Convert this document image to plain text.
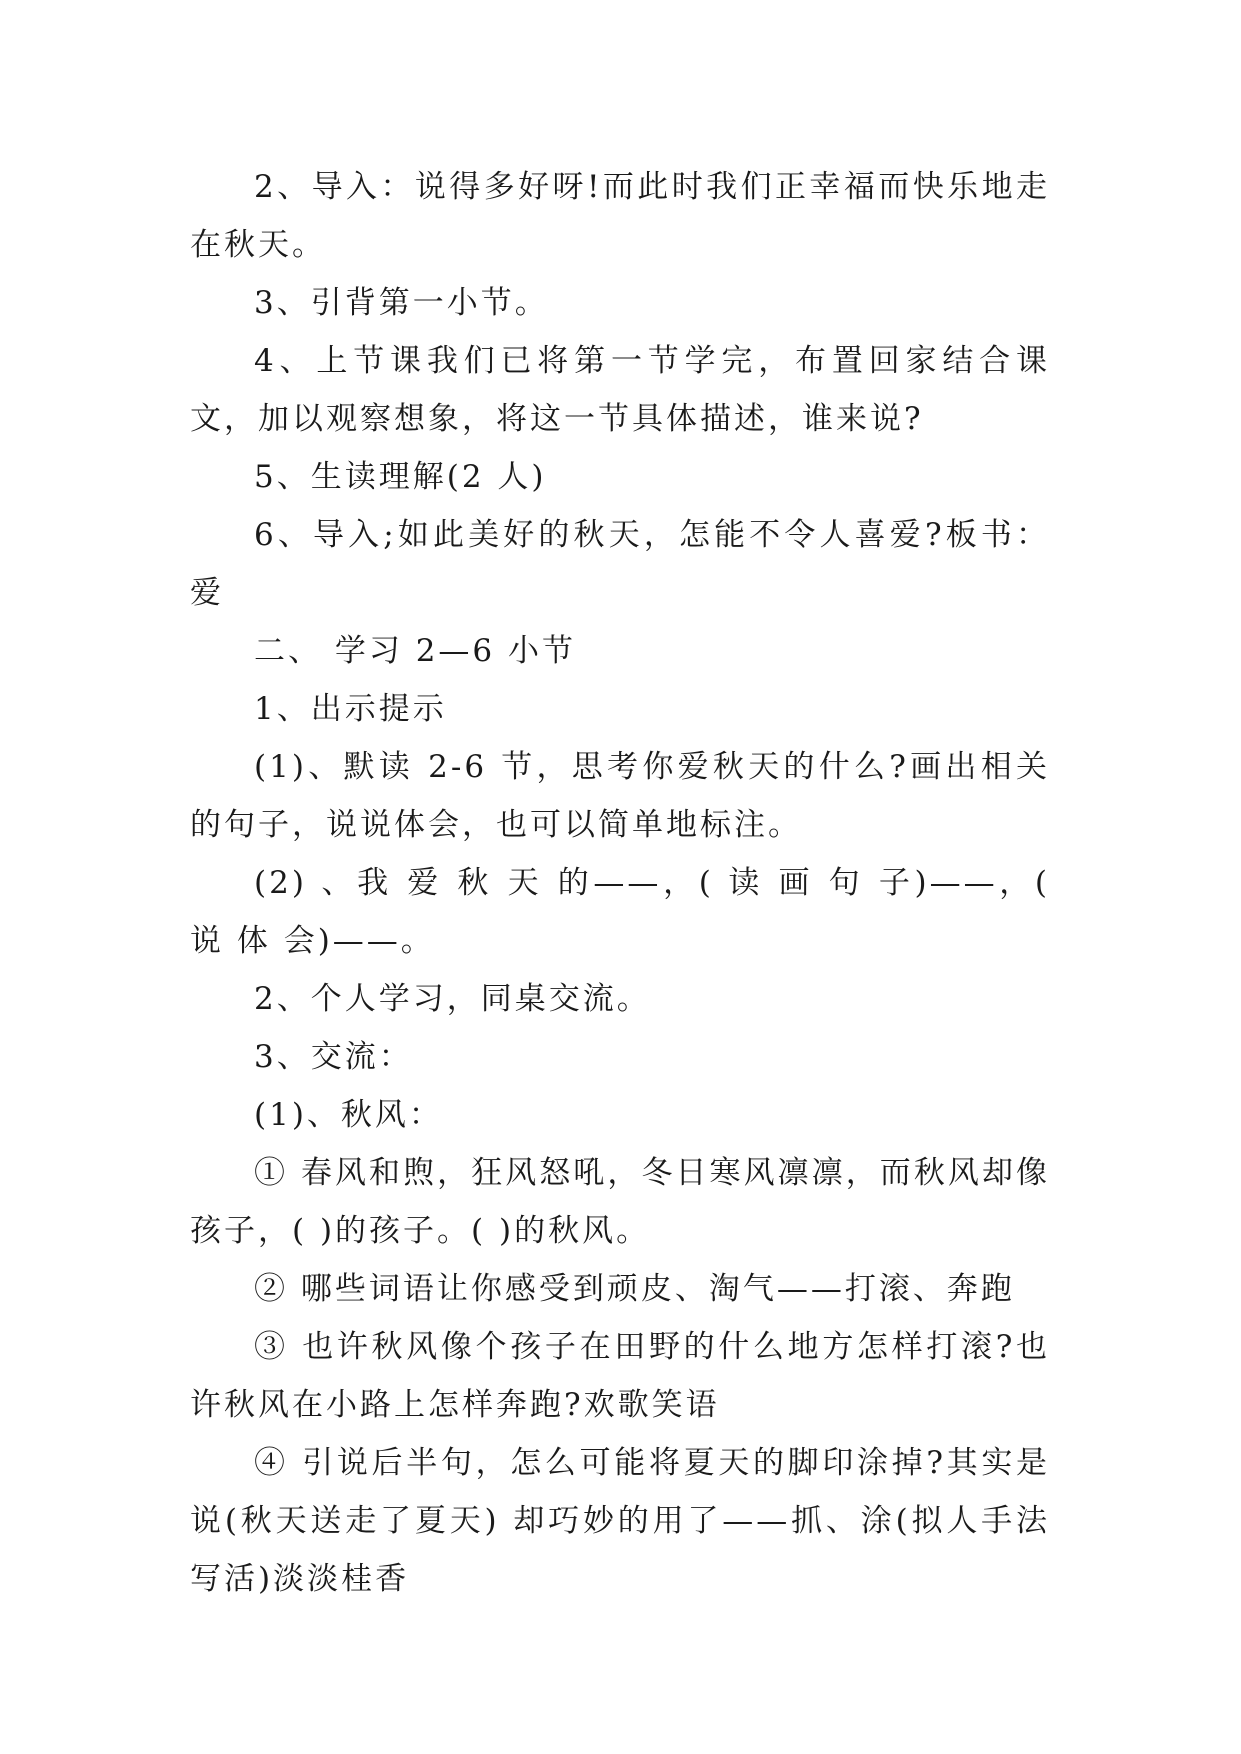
2、导入：说得多好呀!而此时我们正幸福而快乐地走在秋天。

3、引背第一小节。

4、上节课我们已将第一节学完，布置回家结合课文，加以观察想象，将这一节具体描述，谁来说?

5、生读理解(2 人)

6、导入;如此美好的秋天，怎能不令人喜爱?板书：爱

二、 学习 2—6 小节

1、出示提示

(1)、默读 2-6 节，思考你爱秋天的什么?画出相关的句子，说说体会，也可以简单地标注。

(2) 、我 爱 秋 天 的——，( 读 画 句 子)——，( 说 体 会)——。

2、个人学习，同桌交流。

3、交流：

(1)、秋风：

① 春风和煦，狂风怒吼，冬日寒风凛凛，而秋风却像孩子，( )的孩子。( )的秋风。

② 哪些词语让你感受到顽皮、淘气——打滚、奔跑

③ 也许秋风像个孩子在田野的什么地方怎样打滚?也许秋风在小路上怎样奔跑?欢歌笑语

④ 引说后半句，怎么可能将夏天的脚印涂掉?其实是说(秋天送走了夏天) 却巧妙的用了——抓、涂(拟人手法写活)淡淡桂香
